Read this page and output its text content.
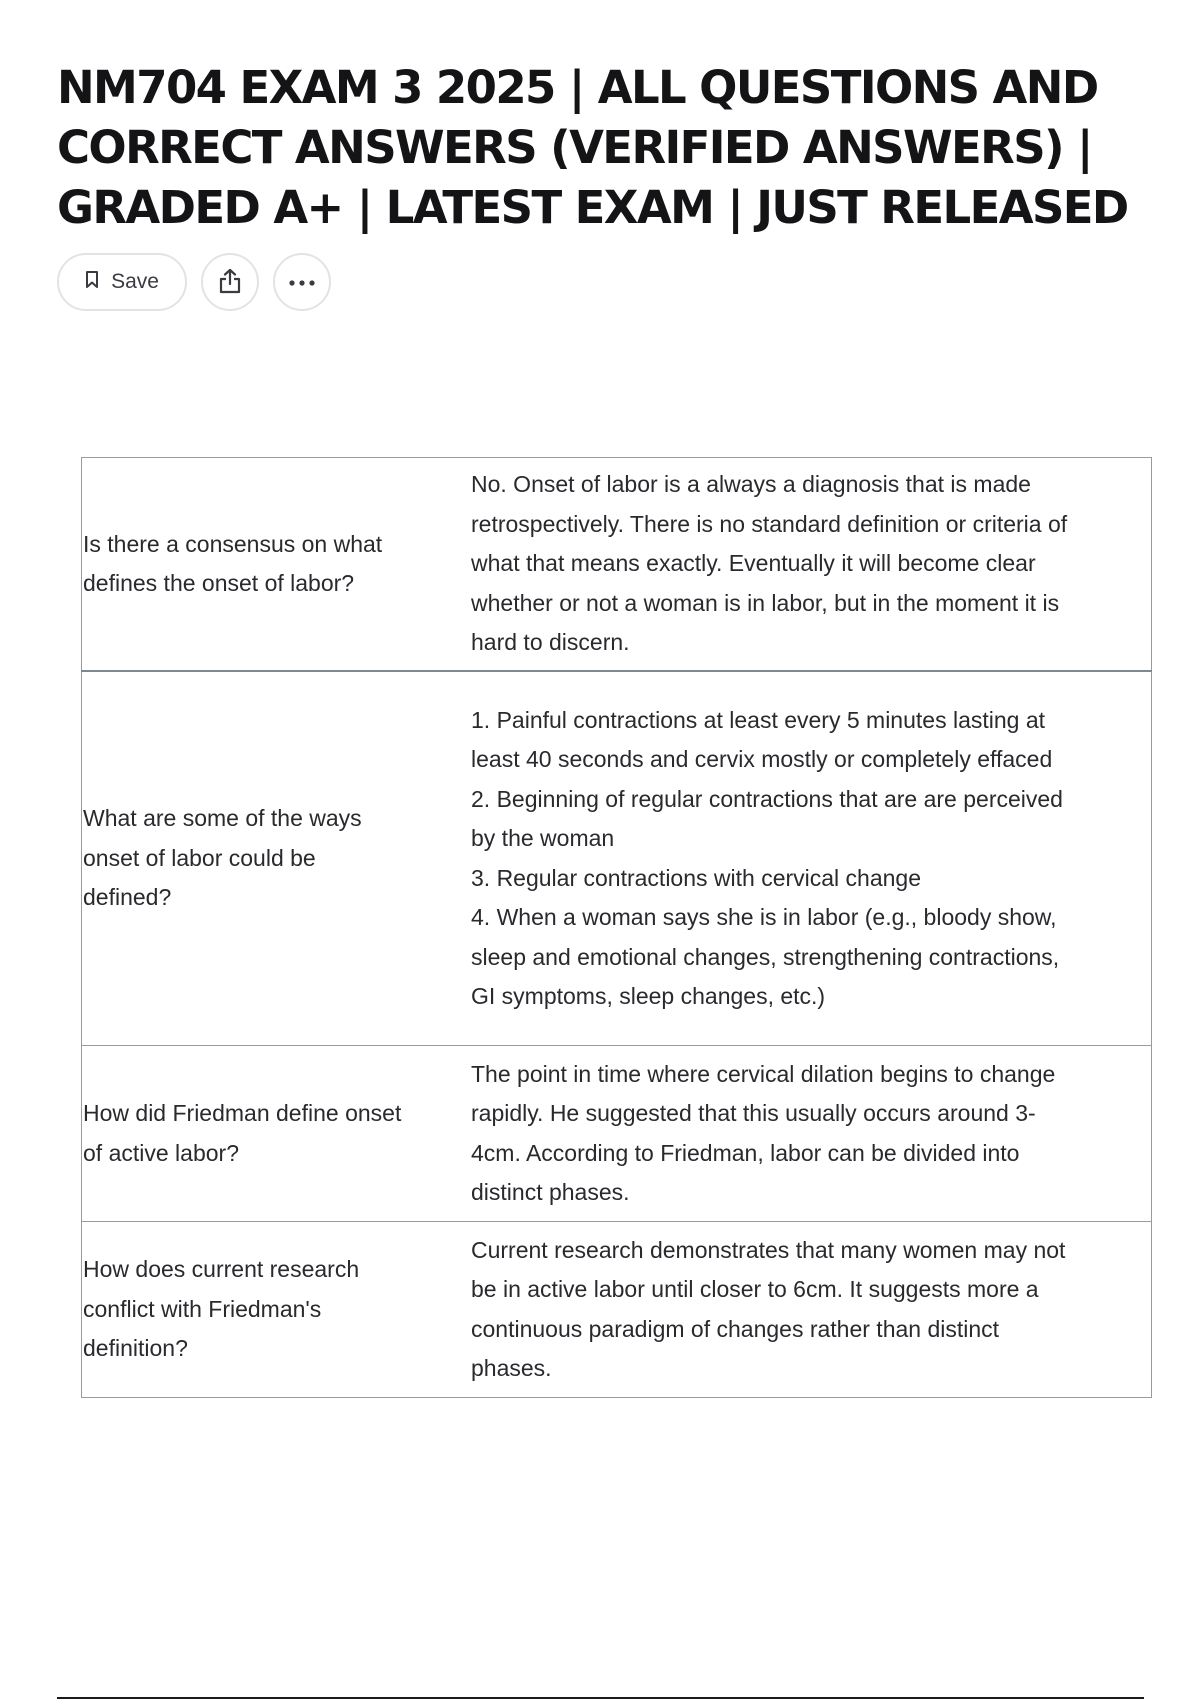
NM704 EXAM 3 2025 | ALL QUESTIONS AND CORRECT ANSWERS (VERIFIED ANSWERS) | GRADED A+ | LATEST EXAM | JUST RELEASED
Save
Is there a consensus on what defines the onset of labor?	No. Onset of labor is a always a diagnosis that is made retrospectively. There is no standard definition or criteria of what that means exactly. Eventually it will become clear whether or not a woman is in labor, but in the moment it is hard to discern.

What are some of the ways onset of labor could be defined?	1. Painful contractions at least every 5 minutes lasting at least 40 seconds and cervix mostly or completely effaced
2. Beginning of regular contractions that are are perceived by the woman
3. Regular contractions with cervical change
4. When a woman says she is in labor (e.g., bloody show, sleep and emotional changes, strengthening contractions, GI symptoms, sleep changes, etc.)

How did Friedman define onset of active labor?	The point in time where cervical dilation begins to change rapidly. He suggested that this usually occurs around 3-4cm. According to Friedman, labor can be divided into distinct phases.

How does current research conflict with Friedman's definition?	Current research demonstrates that many women may not be in active labor until closer to 6cm. It suggests more a continuous paradigm of changes rather than distinct phases.
